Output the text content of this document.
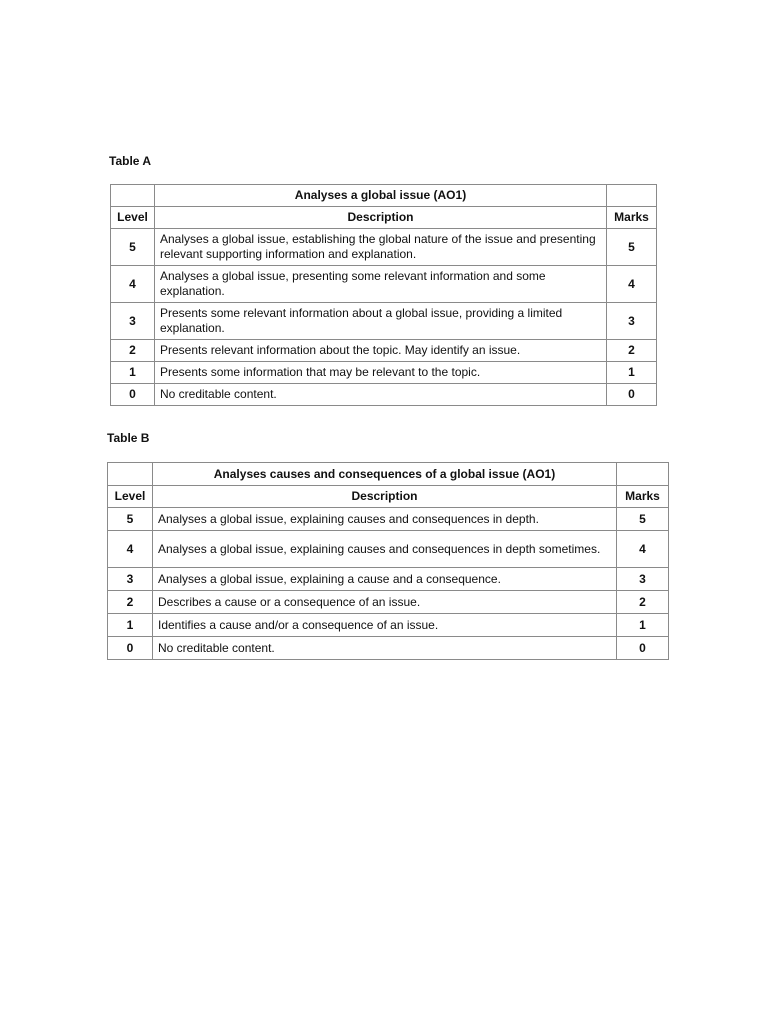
Table A
	Analyses a global issue (AO1)	
Level	Description	Marks
5	Analyses a global issue, establishing the global nature of the issue and presenting relevant supporting information and explanation.	5
4	Analyses a global issue, presenting some relevant information and some explanation.	4
3	Presents some relevant information about a global issue, providing a limited explanation.	3
2	Presents relevant information about the topic. May identify an issue.	2
1	Presents some information that may be relevant to the topic.	1
0	No creditable content.	0
Table B
	Analyses causes and consequences of a global issue (AO1)	
Level	Description	Marks
5	Analyses a global issue, explaining causes and consequences in depth.	5
4	Analyses a global issue, explaining causes and consequences in depth sometimes.	4
3	Analyses a global issue, explaining a cause and a consequence.	3
2	Describes a cause or a consequence of an issue.	2
1	Identifies a cause and/or a consequence of an issue.	1
0	No creditable content.	0
